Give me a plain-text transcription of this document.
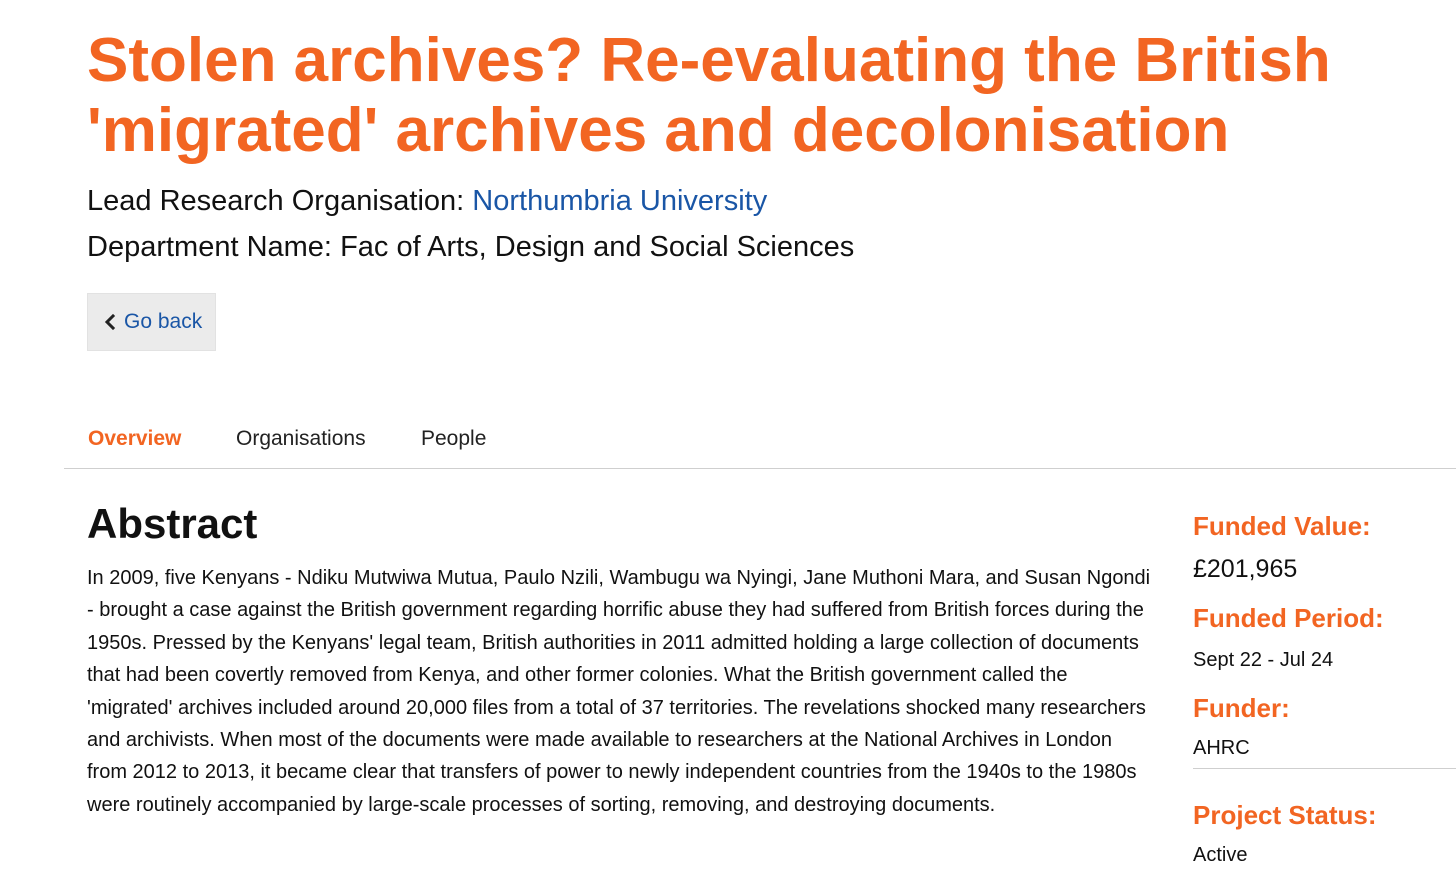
Stolen archives? Re-evaluating the British 'migrated' archives and decolonisation
Lead Research Organisation: Northumbria University
Department Name: Fac of Arts, Design and Social Sciences
Go back
Overview	Organisations	People
Abstract

In 2009, five Kenyans - Ndiku Mutwiwa Mutua, Paulo Nzili, Wambugu wa Nyingi, Jane Muthoni Mara, and Susan Ngondi - brought a case against the British government regarding horrific abuse they had suffered from British forces during the 1950s. Pressed by the Kenyans' legal team, British authorities in 2011 admitted holding a large collection of documents that had been covertly removed from Kenya, and other former colonies. What the British government called the 'migrated' archives included around 20,000 files from a total of 37 territories. The revelations shocked many researchers and archivists. When most of the documents were made available to researchers at the National Archives in London from 2012 to 2013, it became clear that transfers of power to newly independent countries from the 1940s to the 1980s were routinely accompanied by large-scale processes of sorting, removing, and destroying documents.

Funded Value:
£201,965
Funded Period:
Sept 22 - Jul 24
Funder:
AHRC
Project Status:
Active
